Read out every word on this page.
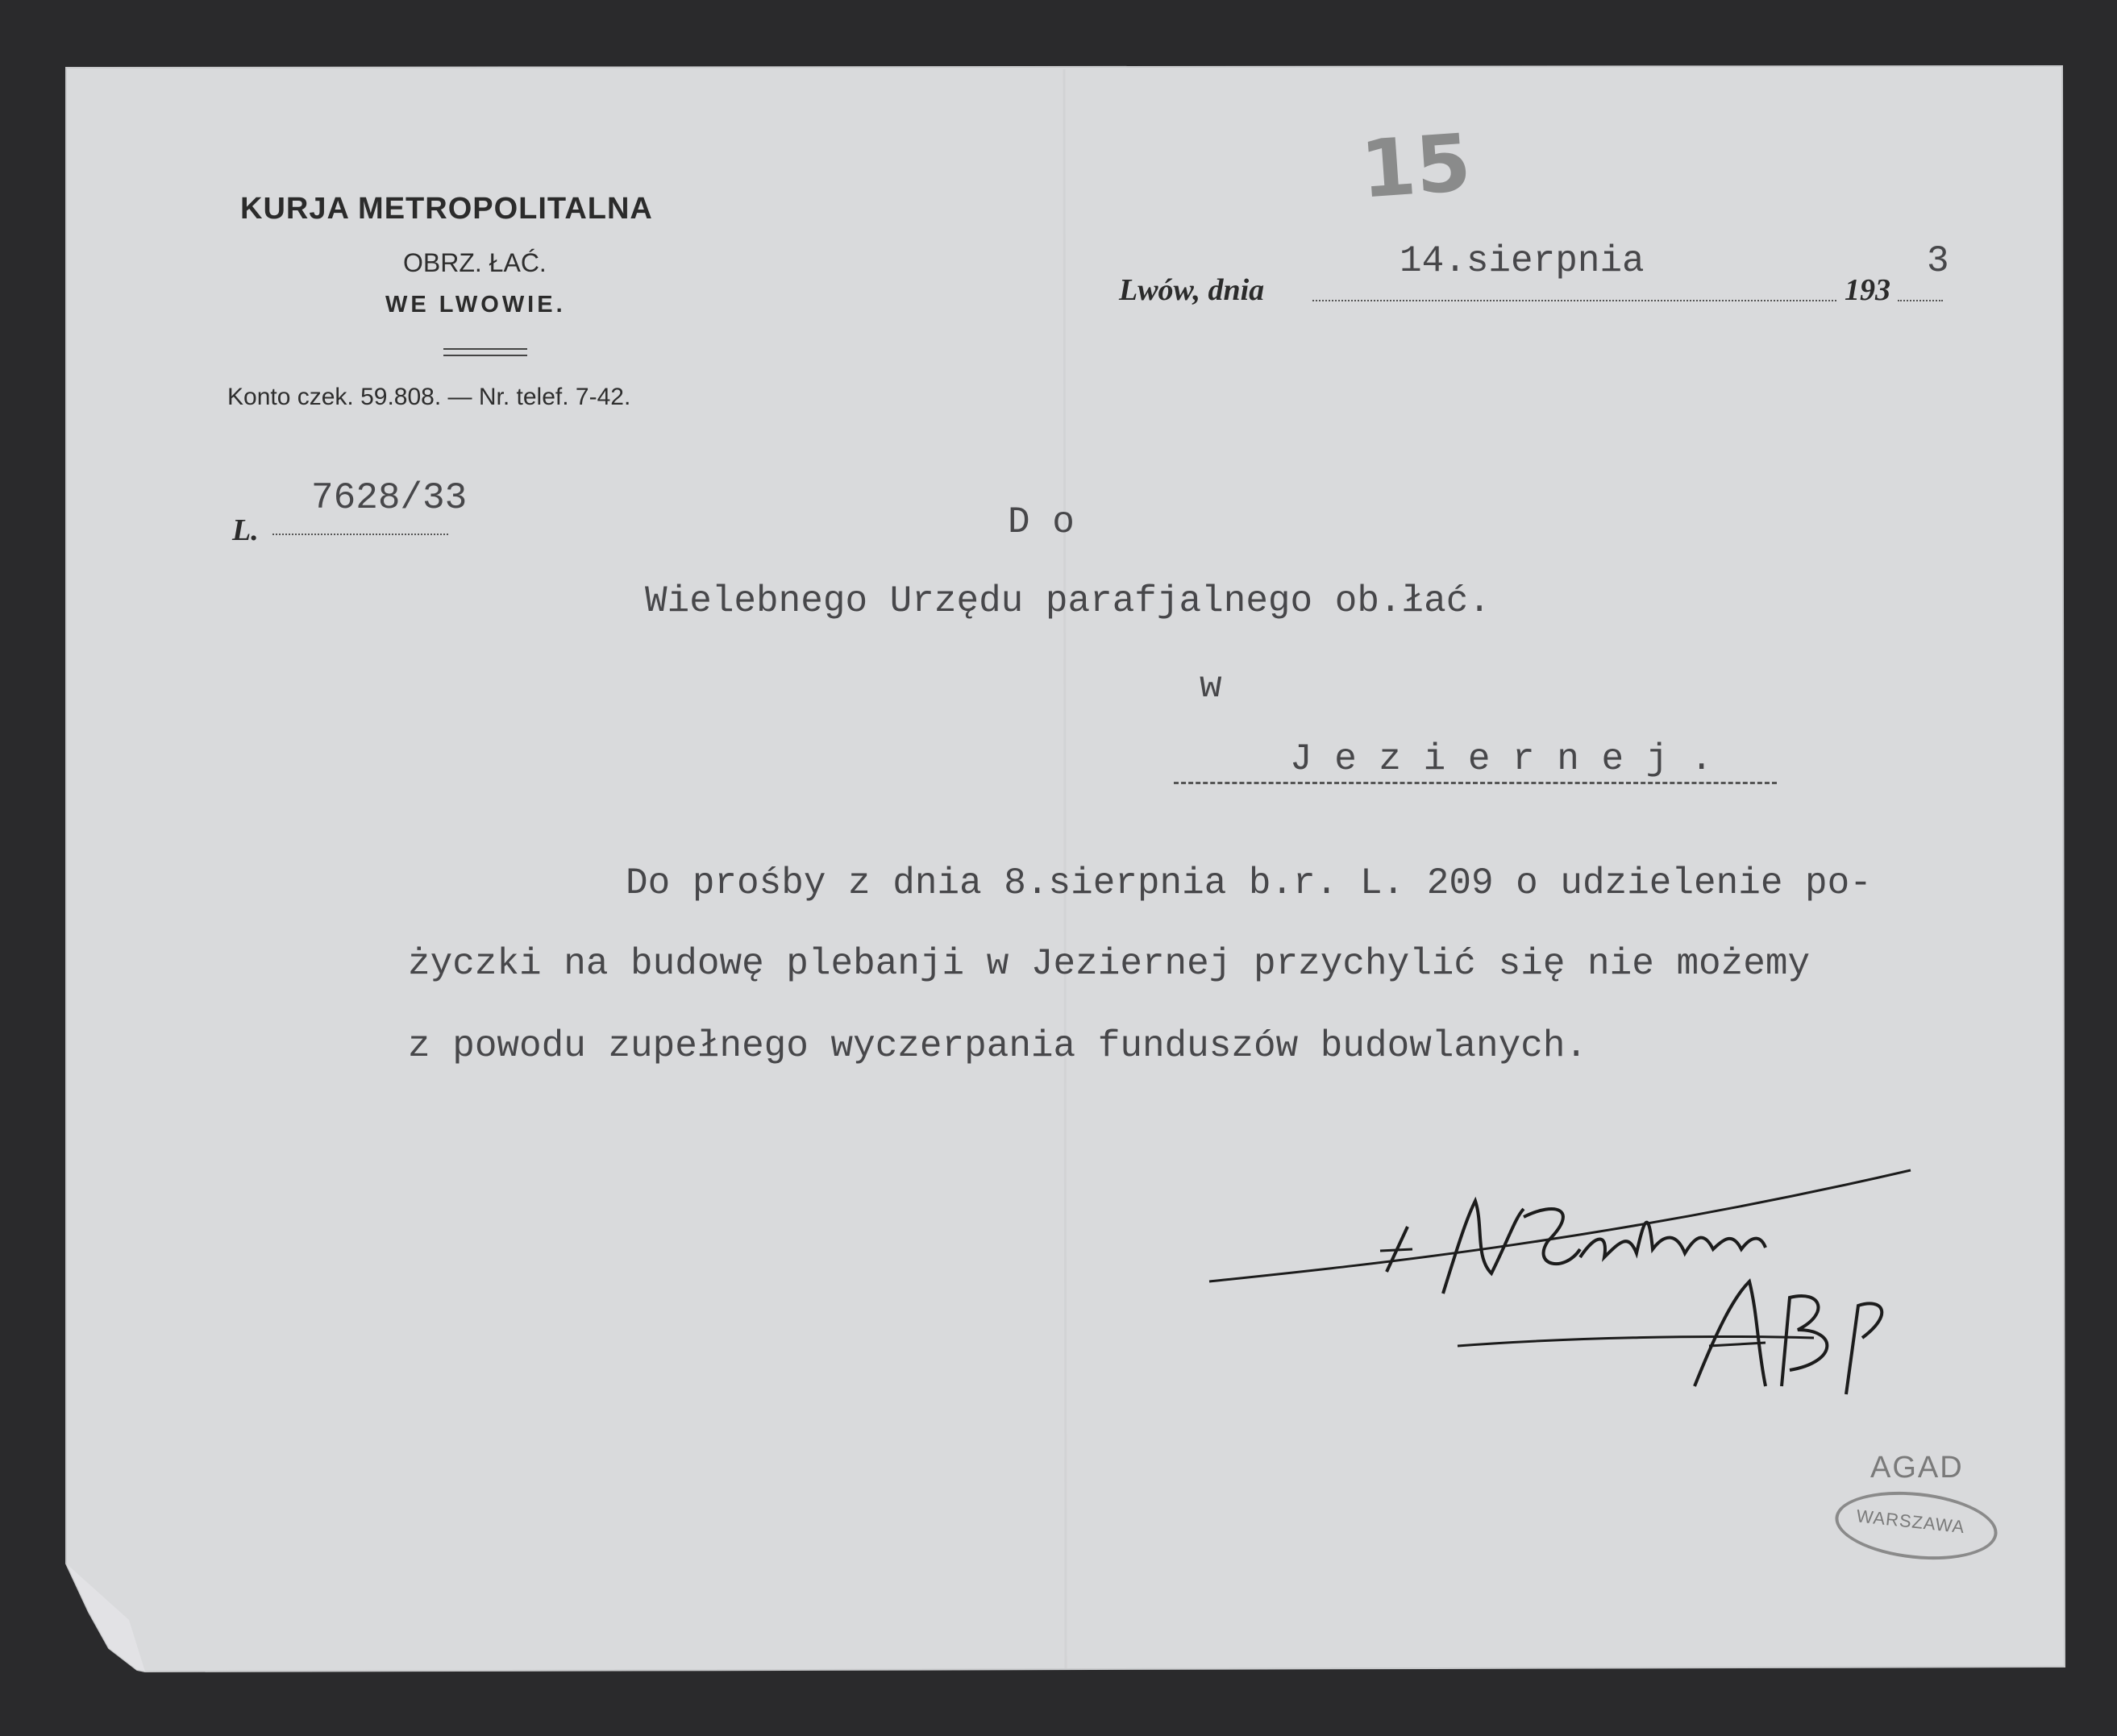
KURJA METROPOLITALNA
OBRZ. ŁAĆ.
WE LWOWIE.
Konto czek. 59.808. — Nr. telef. 7-42.
15
Lwów, dnia
14.sierpnia
193
3
L.
7628/33
D o
Wielebnego Urzędu parafjalnego ob.łać.
w
J e z i e r n e j .
Do prośby z dnia 8.sierpnia b.r. L. 209 o udzielenie po-
życzki na budowę plebanji w Jeziernej przychylić się nie możemy
z powodu zupełnego wyczerpania funduszów budowlanych.
AGAD
WARSZAWA
